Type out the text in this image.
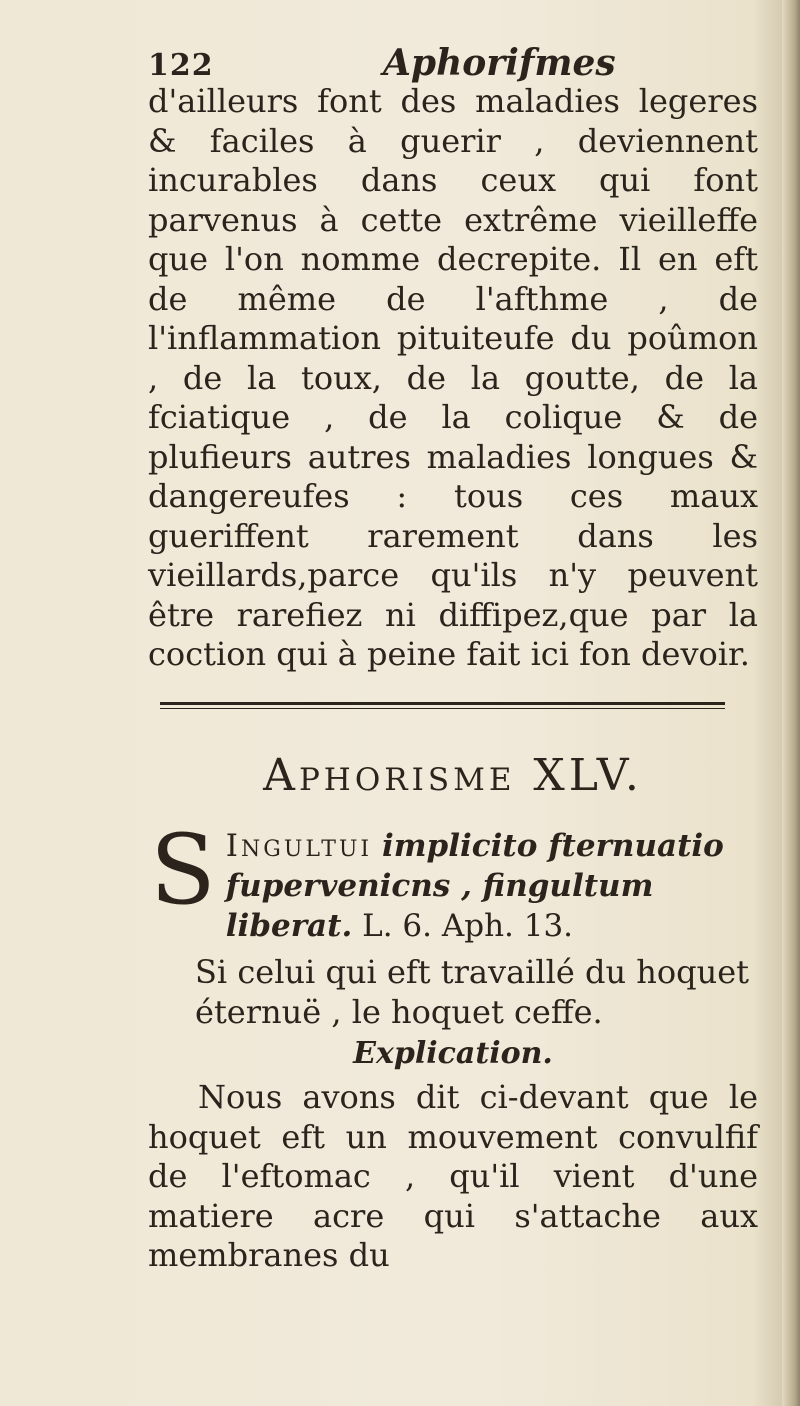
122	Aphorifmes

d'ailleurs font des maladies legeres & faciles à guerir , deviennent incurables dans ceux qui font parvenus à cette extrême vieilleffe que l'on nomme decrepite. Il en eft de même de l'afthme , de l'inflammation pituiteufe du poûmon , de la toux, de la goutte, de la fciatique , de la colique & de plufieurs autres maladies longues & dangereufes : tous ces maux gueriffent rarement dans les vieillards,parce qu'ils n'y peuvent être rarefiez ni diffipez,que par la coction qui à peine fait ici fon devoir.

Aphorisme XLV.
S Ingultui implicito fternuatio fupervenicns , fingultum liberat. L. 6. Aph. 13.

Si celui qui eft travaillé du hoquet éternuë , le hoquet ceffe.

Explication.

Nous avons dit ci-devant que le hoquet eft un mouvement convulfif de l'eftomac , qu'il vient d'une matiere acre qui s'attache aux membranes du
